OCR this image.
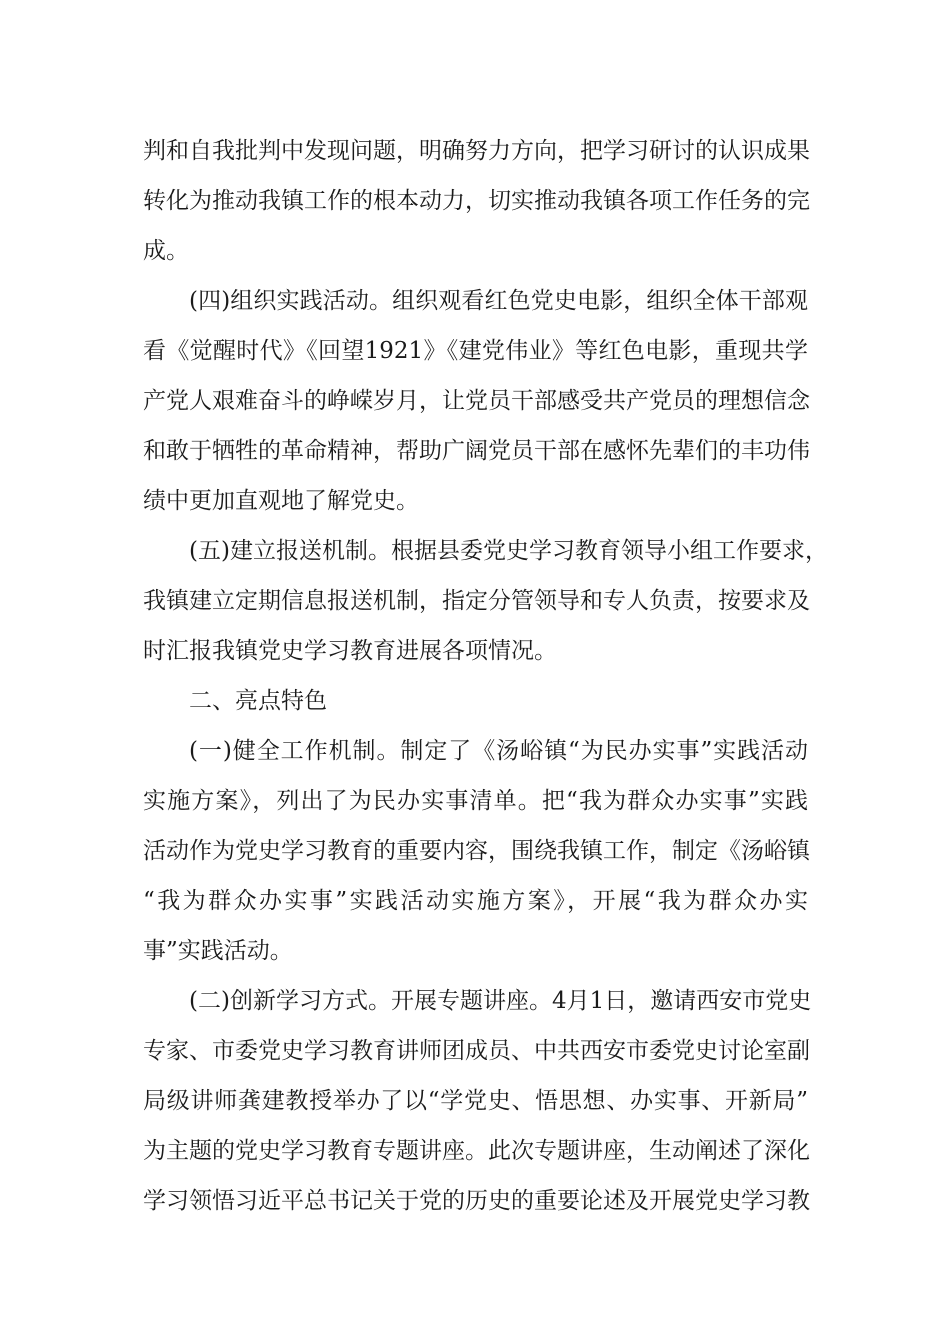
判和自我批判中发现问题，明确努力方向，把学习研讨的认识成果
转化为推动我镇工作的根本动力，切实推动我镇各项工作任务的完
成。
(四)组织实践活动。组织观看红色党史电影，组织全体干部观
看《觉醒时代》《回望1921》《建党伟业》等红色电影，重现共学
产党人艰难奋斗的峥嵘岁月，让党员干部感受共产党员的理想信念
和敢于牺牲的革命精神，帮助广阔党员干部在感怀先辈们的丰功伟
绩中更加直观地了解党史。
(五)建立报送机制。根据县委党史学习教育领导小组工作要求，
我镇建立定期信息报送机制，指定分管领导和专人负责，按要求及
时汇报我镇党史学习教育进展各项情况。
二、亮点特色
(一)健全工作机制。制定了《汤峪镇“为民办实事”实践活动
实施方案》，列出了为民办实事清单。把“我为群众办实事”实践
活动作为党史学习教育的重要内容，围绕我镇工作，制定《汤峪镇
“我为群众办实事”实践活动实施方案》，开展“我为群众办实
事”实践活动。
(二)创新学习方式。开展专题讲座。4月1日，邀请西安市党史
专家、市委党史学习教育讲师团成员、中共西安市委党史讨论室副
局级讲师龚建教授举办了以“学党史、悟思想、办实事、开新局”
为主题的党史学习教育专题讲座。此次专题讲座，生动阐述了深化
学习领悟习近平总书记关于党的历史的重要论述及开展党史学习教
